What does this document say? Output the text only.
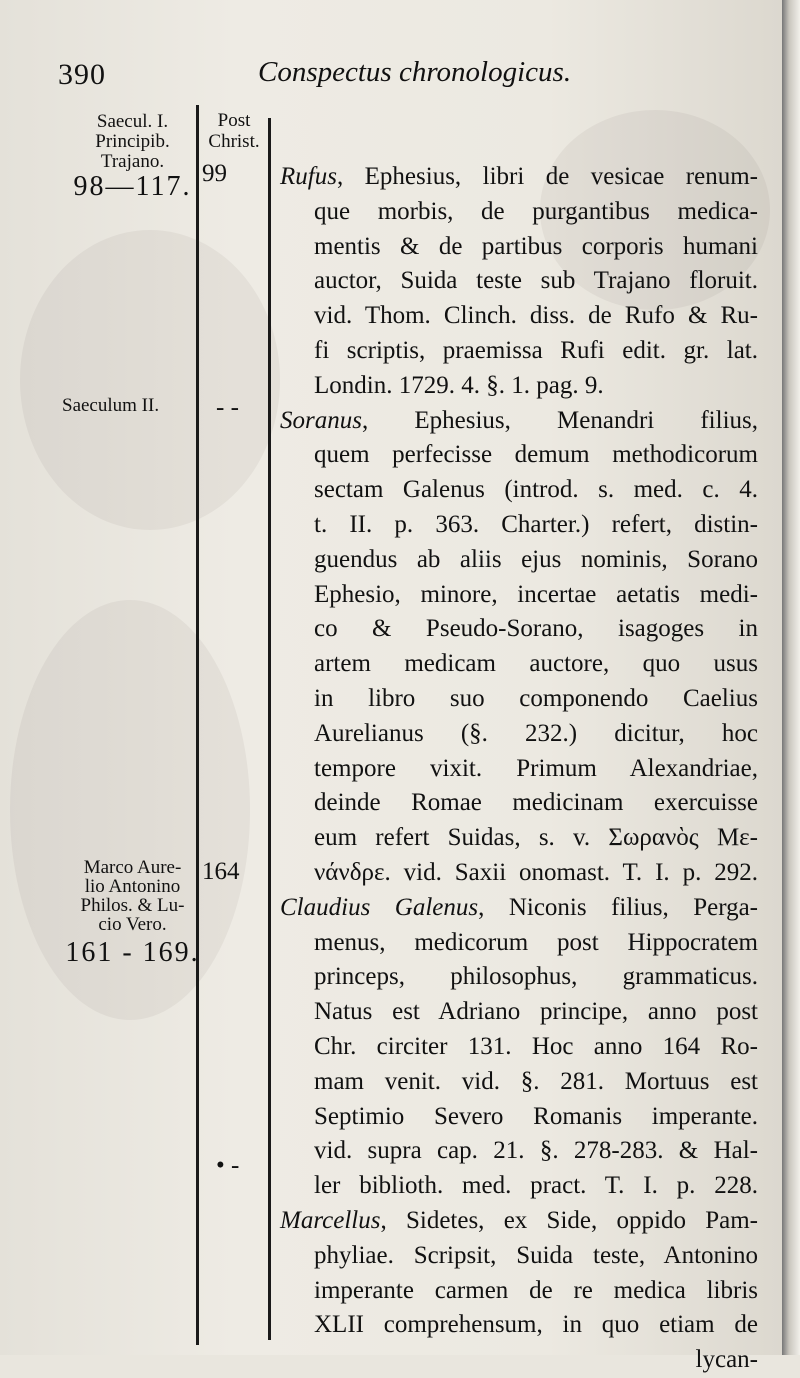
390	Conspectus chronologicus.
Saecul. I.
Principib.
Trajano.
98—117.
Saeculum II.
Marco Aure-
lio Antonino
Philos. & Lu-
cio Vero.
161 - 169.
Post
Christ.
99
- -
164
• -
Rufus, Ephesius, libri de vesicae renum-
que morbis, de purgantibus medica-
mentis & de partibus corporis humani
auctor, Suida teste sub Trajano floruit.
vid. Thom. Clinch. diss. de Rufo & Ru-
fi scriptis, praemissa Rufi edit. gr. lat.
Londin. 1729. 4. §. 1. pag. 9.
Soranus, Ephesius, Menandri filius,
quem perfecisse demum methodicorum
sectam Galenus (introd. s. med. c. 4.
t. II. p. 363. Charter.) refert, distin-
guendus ab aliis ejus nominis, Sorano
Ephesio, minore, incertae aetatis medi-
co & Pseudo-Sorano, isagoges in
artem medicam auctore, quo usus
in libro suo componendo Caelius
Aurelianus (§. 232.) dicitur, hoc
tempore vixit. Primum Alexandriae,
deinde Romae medicinam exercuisse
eum refert Suidas, s. v. Σωρανὸς Με-
νάνδρε. vid. Saxii onomast. T. I. p. 292.
Claudius Galenus, Niconis filius, Perga-
menus, medicorum post Hippocratem
princeps, philosophus, grammaticus.
Natus est Adriano principe, anno post
Chr. circiter 131. Hoc anno 164 Ro-
mam venit. vid. §. 281. Mortuus est
Septimio Severo Romanis imperante.
vid. supra cap. 21. §. 278-283. & Hal-
ler biblioth. med. pract. T. I. p. 228.
Marcellus, Sidetes, ex Side, oppido Pam-
phyliae. Scripsit, Suida teste, Antonino
imperante carmen de re medica libris
XLII comprehensum, in quo etiam de
lycan-
